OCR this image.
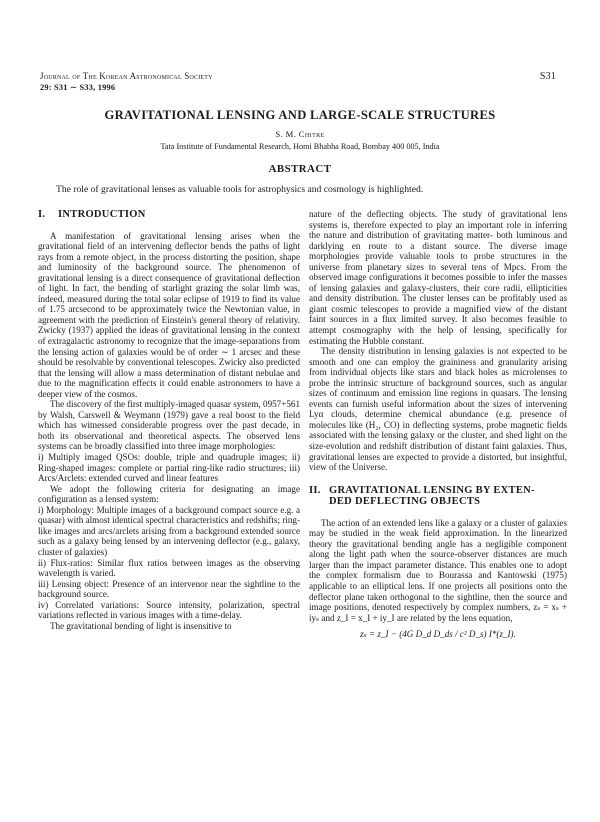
Journal of The Korean Astronomical Society
29: S31 ∼ S33, 1996
S31
GRAVITATIONAL LENSING AND LARGE-SCALE STRUCTURES
S. M. Chitre
Tata Institute of Fundamental Research, Homi Bhabha Road, Bombay 400 005, India
ABSTRACT
The role of gravitational lenses as valuable tools for astrophysics and cosmology is highlighted.
I. INTRODUCTION

A manifestation of gravitational lensing arises when the gravitational field of an intervening deflector bends the paths of light rays from a remote object, in the process distorting the position, shape and luminosity of the background source. The phenomenon of gravitational lensing is a direct consequence of gravitational deflection of light. In fact, the bending of starlight grazing the solar limb was, indeed, measured during the total solar eclipse of 1919 to find its value of 1.75 arcsecond to be approximately twice the Newtonian value, in agreement with the prediction of Einstein's general theory of relativity. Zwicky (1937) applied the ideas of gravitational lensing in the context of extragalactic astronomy to recognize that the image-separations from the lensing action of galaxies would be of order ∼ 1 arcsec and these should be resolvable by conventional telescopes. Zwicky also predicted that the lensing will allow a mass determination of distant nebulae and due to the magnification effects it could enable astronomers to have a deeper view of the cosmos.

The discovery of the first multiply-imaged quasar system, 0957+561 by Walsh, Carswell & Weymann (1979) gave a real boost to the field which has witnessed considerable progress over the past decade, in both its observational and theoretical aspects. The observed lens systems can be broadly classified into three image morphologies:

i) Multiply imaged QSOs: double, triple and quadruple images; ii) Ring-shaped images: complete or partial ring-like radio structures; iii) Arcs/Arclets: extended curved and linear features

We adopt the following criteria for designating an image configuration as a lensed system:

i) Morphology: Multiple images of a background compact source e.g. a quasar) with almost identical spectral characteristics and redshifts; ring-like images and arcs/arclets arising from a background extended source such as a galaxy being lensed by an intervening deflector (e.g., galaxy, cluster of galaxies)

ii) Flux-ratios: Similar flux ratios between images as the observing wavelength is varied.

iii) Lensing object: Presence of an intervenor near the sightline to the background source.

iv) Correlated variations: Source intensity, polarization, spectral variations reflected in various images with a time-delay.

The gravitational bending of light is insensitive to

nature of the deflecting objects. The study of gravitational lens systems is, therefore expected to play an important role in inferring the nature and distribution of gravitating matter- both luminous and darklying en route to a distant source. The diverse image morphologies provide valuable tools to probe structures in the universe from planetary sizes to several tens of Mpcs. From the observed image configurations it becomes possible to infer the masses of lensing galaxies and galaxy-clusters, their core radii, ellipticities and density distribution. The cluster lenses can be profitably used as giant cosmic telescopes to provide a magnified view of the distant faint sources in a flux limited survey. It also becomes feasible to attempt cosmography with the help of lensing, specifically for estimating the Hubble constant.

The density distribution in lensing galaxies is not expected to be smooth and one can employ the graininess and granularity arising from individual objects like stars and black holes as microlenses to probe the intrinsic structure of background sources, such as angular sizes of continuum and emission line regions in quasars. The lensing events can furnish useful information about the sizes of intervening Lyα clouds, determine chemical abundance (e.g. presence of molecules like (H₂, CO) in deflecting systems, probe magnetic fields associated with the lensing galaxy or the cluster, and shed light on the size-evolution and redshift distribution of distant faint galaxies. Thus, gravitational lenses are expected to provide a distorted, but insightful, view of the Universe.

II. GRAVITATIONAL LENSING BY EXTEN-
DED DEFLECTING OBJECTS

The action of an extended lens like a galaxy or a cluster of galaxies may be studied in the weak field approximation. In the linearized theory the gravitational bending angle has a negligible component along the light path when the source-observer distances are much larger than the impact parameter distance. This enables one to adopt the complex formalism due to Bourassa and Kantowski (1975) applicable to an elliptical lens. If one projects all positions onto the deflector plane taken orthogonal to the sightline, then the source and image positions, denoted respectively by complex numbers, zₛ = xₛ + iyₛ and z_I = x_I + iy_I are related by the lens equation,

zₛ = z_I − (4G D_d D_ds / c² D_s) I*(z_I).
